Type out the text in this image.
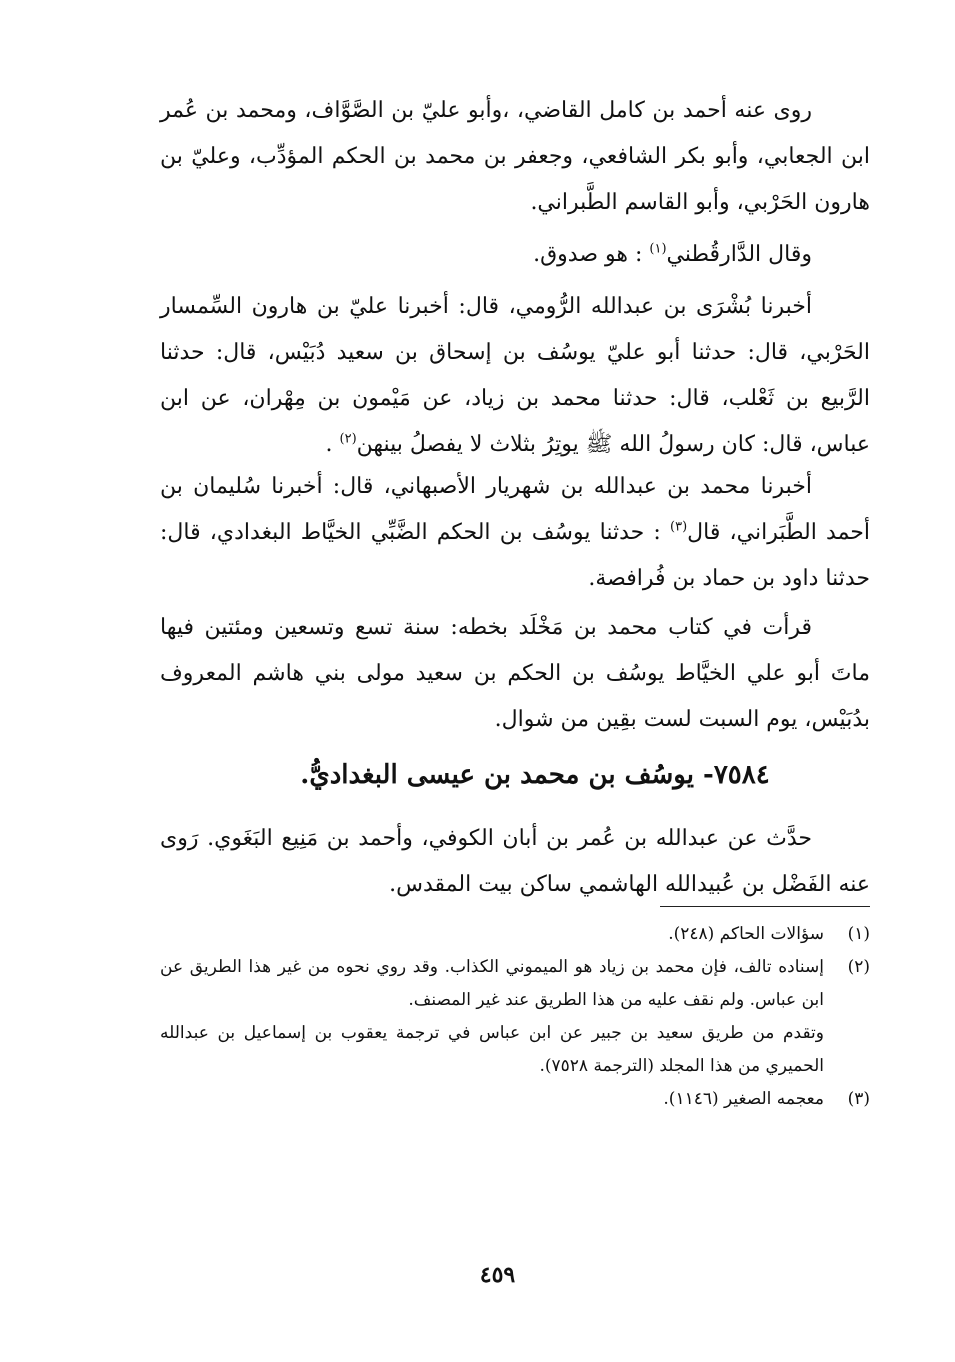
روى عنه أحمد بن كامل القاضي، ،وأبو عليّ بن الصَّوَّاف، ومحمد بن عُمر ابن الجعابي، وأبو بكر الشافعي، وجعفر بن محمد بن الحكم المؤدِّب، وعليّ بن هارون الحَرْبي، وأبو القاسم الطَّبراني.

وقال الدَّارقُطني$^{(١)}$ : هو صدوق.

أخبرنا بُشْرَى بن عبدالله الرُّومي، قال: أخبرنا عليّ بن هارون السِّمسار الحَرْبي، قال: حدثنا أبو عليّ يوسُف بن إسحاق بن سعيد دُبَيْس، قال: حدثنا الرَّبيع بن ثَعْلب، قال: حدثنا محمد بن زياد، عن مَيْمون بن مِهْران، عن ابن عباس، قال: كان رسولُ الله ﷺ يوتِرُ بثلاث لا يفصلُ بينهن$^{(٢)}$ .

أخبرنا محمد بن عبدالله بن شهريار الأصبهاني، قال: أخبرنا سُليمان بن أحمد الطَّبَراني، قال$^{(٣)}$ : حدثنا يوسُف بن الحكم الضَّبِّي الخيَّاط البغدادي، قال: حدثنا داود بن حماد بن فُرافصة.

قرأت في كتاب محمد بن مَخْلَد بخطه: سنة تسع وتسعين ومئتين فيها ماتَ أبو علي الخيَّاط يوسُف بن الحكم بن سعيد مولى بني هاشم المعروف بدُبَيْس، يوم السبت لست بقِين من شوال.

٧٥٨٤- يوسُف بن محمد بن عيسى البغداديُّ.

حدَّث عن عبدالله بن عُمر بن أبان الكوفي، وأحمد بن مَنِيع البَغَوي. رَوى عنه الفَضْل بن عُبيدالله الهاشمي ساكن بيت المقدس.

(١)
سؤالات الحاكم (٢٤٨).
(٢)
إسناده تالف، فإن محمد بن زياد هو الميموني الكذاب. وقد روي نحوه من غير هذا الطريق عن ابن عباس. ولم نقف عليه من هذا الطريق عند غير المصنف.
وتقدم من طريق سعيد بن جبير عن ابن عباس في ترجمة يعقوب بن إسماعيل بن عبدالله الحميري من هذا المجلد (الترجمة ٧٥٢٨).
(٣)
معجمه الصغير (١١٤٦).
٤٥٩
